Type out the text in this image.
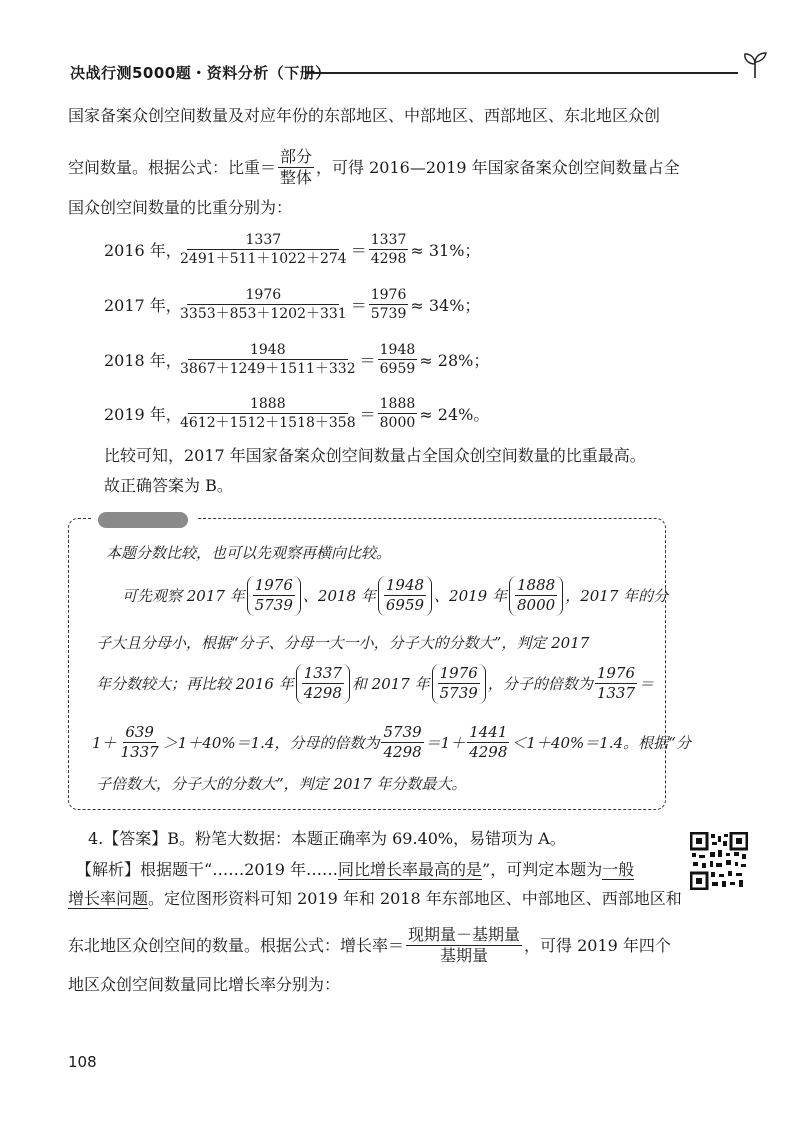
决战行测5000题・资料分析（下册）
国家备案众创空间数量及对应年份的东部地区、中部地区、西部地区、东北地区众创
空间数量。根据公式：比重＝ $\frac{\text{部分}}{\text{整体}}$ ，可得 2016—2019 年国家备案众创空间数量占全
国众创空间数量的比重分别为：
2016 年，
$\frac{1337}{2491+511+1022+274} = \frac{1337}{4298} \approx 31\%$；
2017 年，
$\frac{1976}{3353+853+1202+331} = \frac{1976}{5739} \approx 34\%$；
2018 年，
$\frac{1948}{3867+1249+1511+332} = \frac{1948}{6959} \approx 28\%$；
2019 年，
$\frac{1888}{4612+1512+1518+358} = \frac{1888}{8000} \approx 24\%$。
比较可知，2017 年国家备案众创空间数量占全国众创空间数量的比重最高。
故正确答案为 B。
本题分数比较，也可以先观察再横向比较。
可先观察 2017 年 $\frac{1976}{5739}$ 、2018 年 $\frac{1948}{6959}$ 、2019 年 $\frac{1888}{8000}$ ，2017 年的分
子大且分母小，根据“分子、分母一大一小，分子大的分数大”，判定 2017
年分数较大；再比较 2016 年 $\frac{1337}{4298}$ 和 2017 年 $\frac{1976}{5739}$ ，分子的倍数为 $\frac{1976}{1337}$ ＝
$1+ \frac{639}{1337} >1+40\%=1.4$，分母的倍数为 $\frac{5739}{4298} =1+ \frac{1441}{4298} <1+40\%=1.4$。根据“分
子倍数大，分子大的分数大”，判定 2017 年分数最大。
4.【答案】B。粉笔大数据：本题正确率为 69.40%，易错项为 A。
【解析】根据题干“……2019 年……同比增长率最高的是”，可判定本题为一般
增长率问题。定位图形资料可知 2019 年和 2018 年东部地区、中部地区、西部地区和
东北地区众创空间的数量。根据公式：增长率＝ $\frac{\text{现期量－基期量}}{\text{基期量}}$ ，可得 2019 年四个
地区众创空间数量同比增长率分别为：
108
